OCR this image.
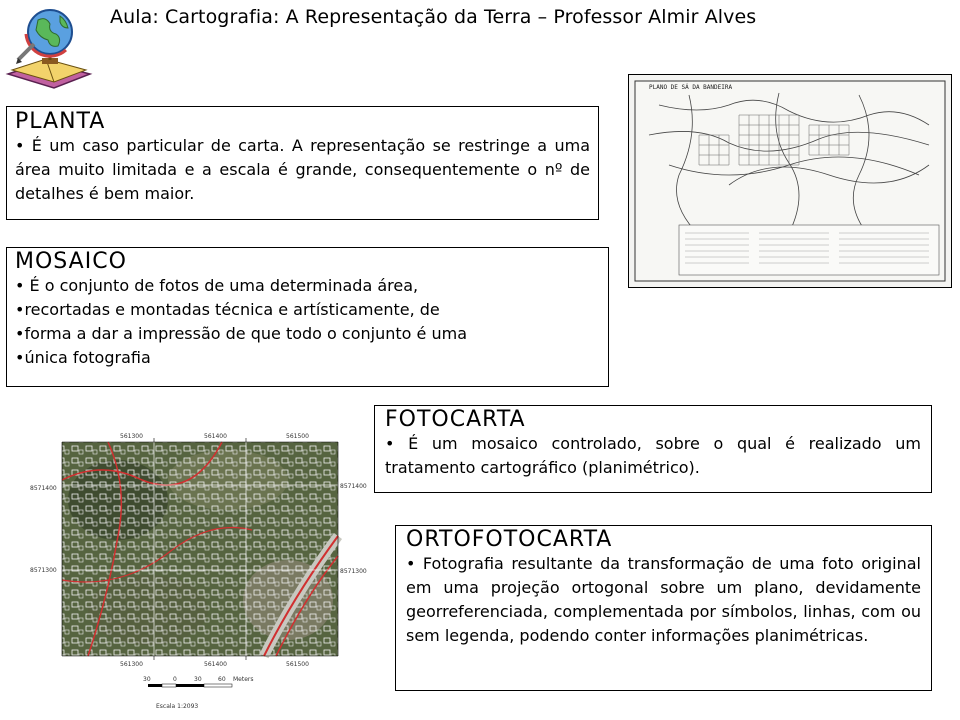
Aula: Cartografia: A Representação da Terra – Professor Almir Alves
PLANTA
• É um caso particular de carta. A representação se restringe a uma área muito limitada e a escala é grande, consequentemente o nº de detalhes é bem maior.
MOSAICO
• É o conjunto de fotos de uma determinada área,
•recortadas e montadas técnica e artísticamente, de
•forma a dar a impressão de que todo o conjunto é uma
•única fotografia
FOTOCARTA
• É um mosaico controlado, sobre o qual é realizado um tratamento cartográfico (planimétrico).
ORTOFOTOCARTA
• Fotografia resultante da transformação de uma foto original em uma projeção ortogonal sobre um plano, devidamente georreferenciada, complementada por símbolos, linhas, com ou sem legenda, podendo conter informações planimétricas.
PLANO DE SÁ DA BANDEIRA
561300	561400	561500
561300	561400	561500
8571400
8571300
8571400
8571300
30	0	30	60 Meters
Escala 1:2093
